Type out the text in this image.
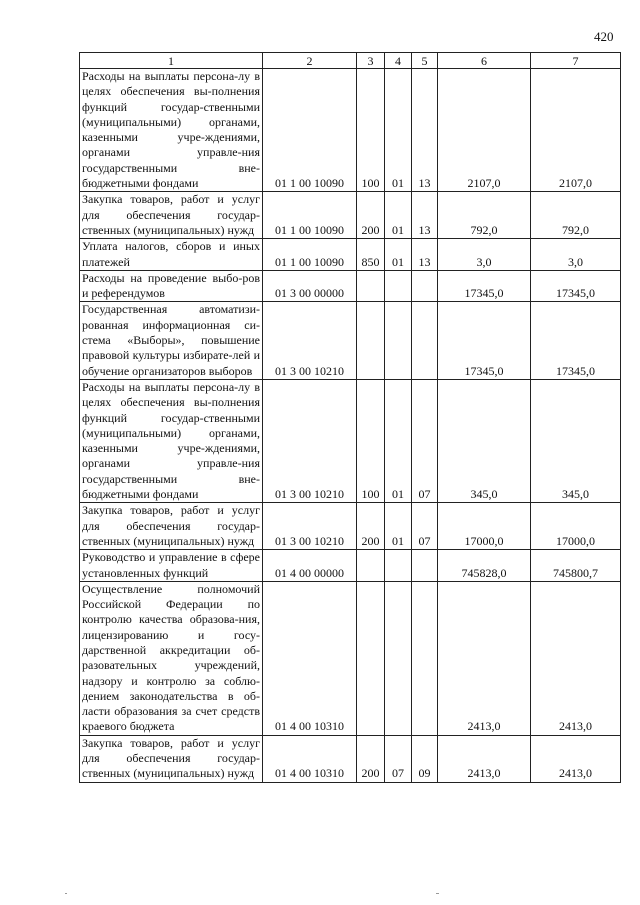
420
1	2	3	4	5	6	7
Расходы на выплаты персона-лу в целях обеспечения вы-полнения функций государ-ственными (муниципальными) органами, казенными учре-ждениями, органами управле-ния государственными вне-бюджетными фондами	01 1 00 10090	100	01	13	2107,0	2107,0
Закупка товаров, работ и услуг для обеспечения государ-ственных (муниципальных) нужд	01 1 00 10090	200	01	13	792,0	792,0
Уплата налогов, сборов и иных платежей	01 1 00 10090	850	01	13	3,0	3,0
Расходы на проведение выбо-ров и референдумов	01 3 00 00000				17345,0	17345,0
Государственная автоматизи-рованная информационная си-стема «Выборы», повышение правовой культуры избирате-лей и обучение организаторов выборов	01 3 00 10210				17345,0	17345,0
Расходы на выплаты персона-лу в целях обеспечения вы-полнения функций государ-ственными (муниципальными) органами, казенными учре-ждениями, органами управле-ния государственными вне-бюджетными фондами	01 3 00 10210	100	01	07	345,0	345,0
Закупка товаров, работ и услуг для обеспечения государ-ственных (муниципальных) нужд	01 3 00 10210	200	01	07	17000,0	17000,0
Руководство и управление в сфере установленных функций	01 4 00 00000				745828,0	745800,7
Осуществление полномочий Российской Федерации по контролю качества образова-ния, лицензированию и госу-дарственной аккредитации об-разовательных учреждений, надзору и контролю за соблю-дением законодательства в об-ласти образования за счет средств краевого бюджета	01 4 00 10310				2413,0	2413,0
Закупка товаров, работ и услуг для обеспечения государ-ственных (муниципальных) нужд	01 4 00 10310	200	07	09	2413,0	2413,0
